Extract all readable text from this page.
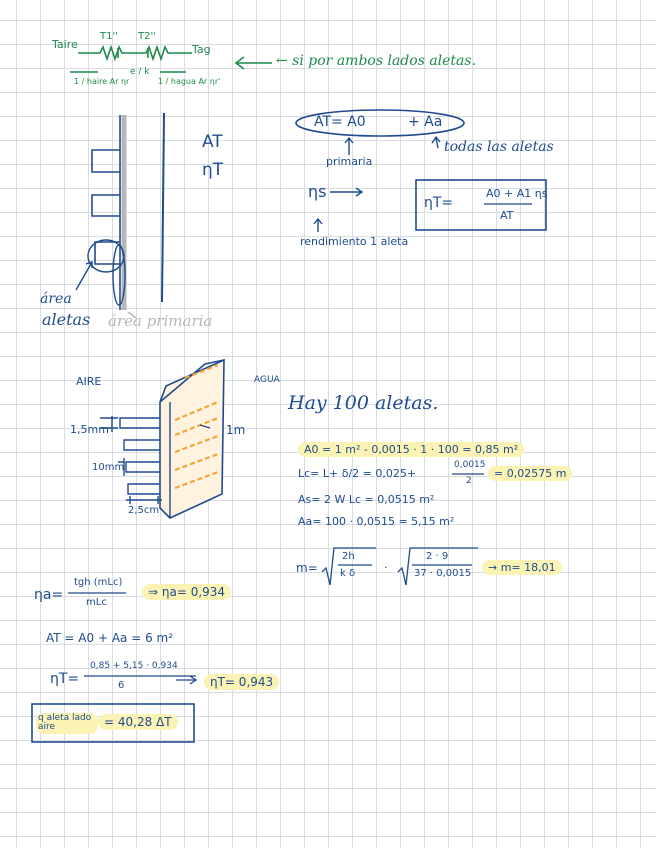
Taire
T1'' T2''
Tag
1 / haire Ar ηr
e / k
1 / hagua Ar ηr'
← si por ambos lados aletas.
AT
ηT
área
aletas área primaria
AT= A0	+ Aa
primaria
todas las aletas
ηs
rendimiento 1 aleta
ηT=
A0 + A1 ηs
AT
AIRE	AGUA
1,5mm	1m
10mm
2,5cm
Hay 100 aletas.
A0 = 1 m² - 0,0015 · 1 · 100 = 0,85 m²
Lc= L+ δ/2 = 0,025+
0,0015
2
= 0,02575 m
As= 2 W Lc = 0,0515 m²
Aa= 100 · 0,0515 = 5,15 m²
m=
2h
k δ	·
2 · 9
37 · 0,0015	→ m= 18,01
ηa=
tgh (mLc)
mLc
⇒ ηa= 0,934
AT = A0 + Aa = 6 m²
ηT=
0,85 + 5,15 · 0,934
6	ηT= 0,943
q aleta lado aire	= 40,28 ΔT
